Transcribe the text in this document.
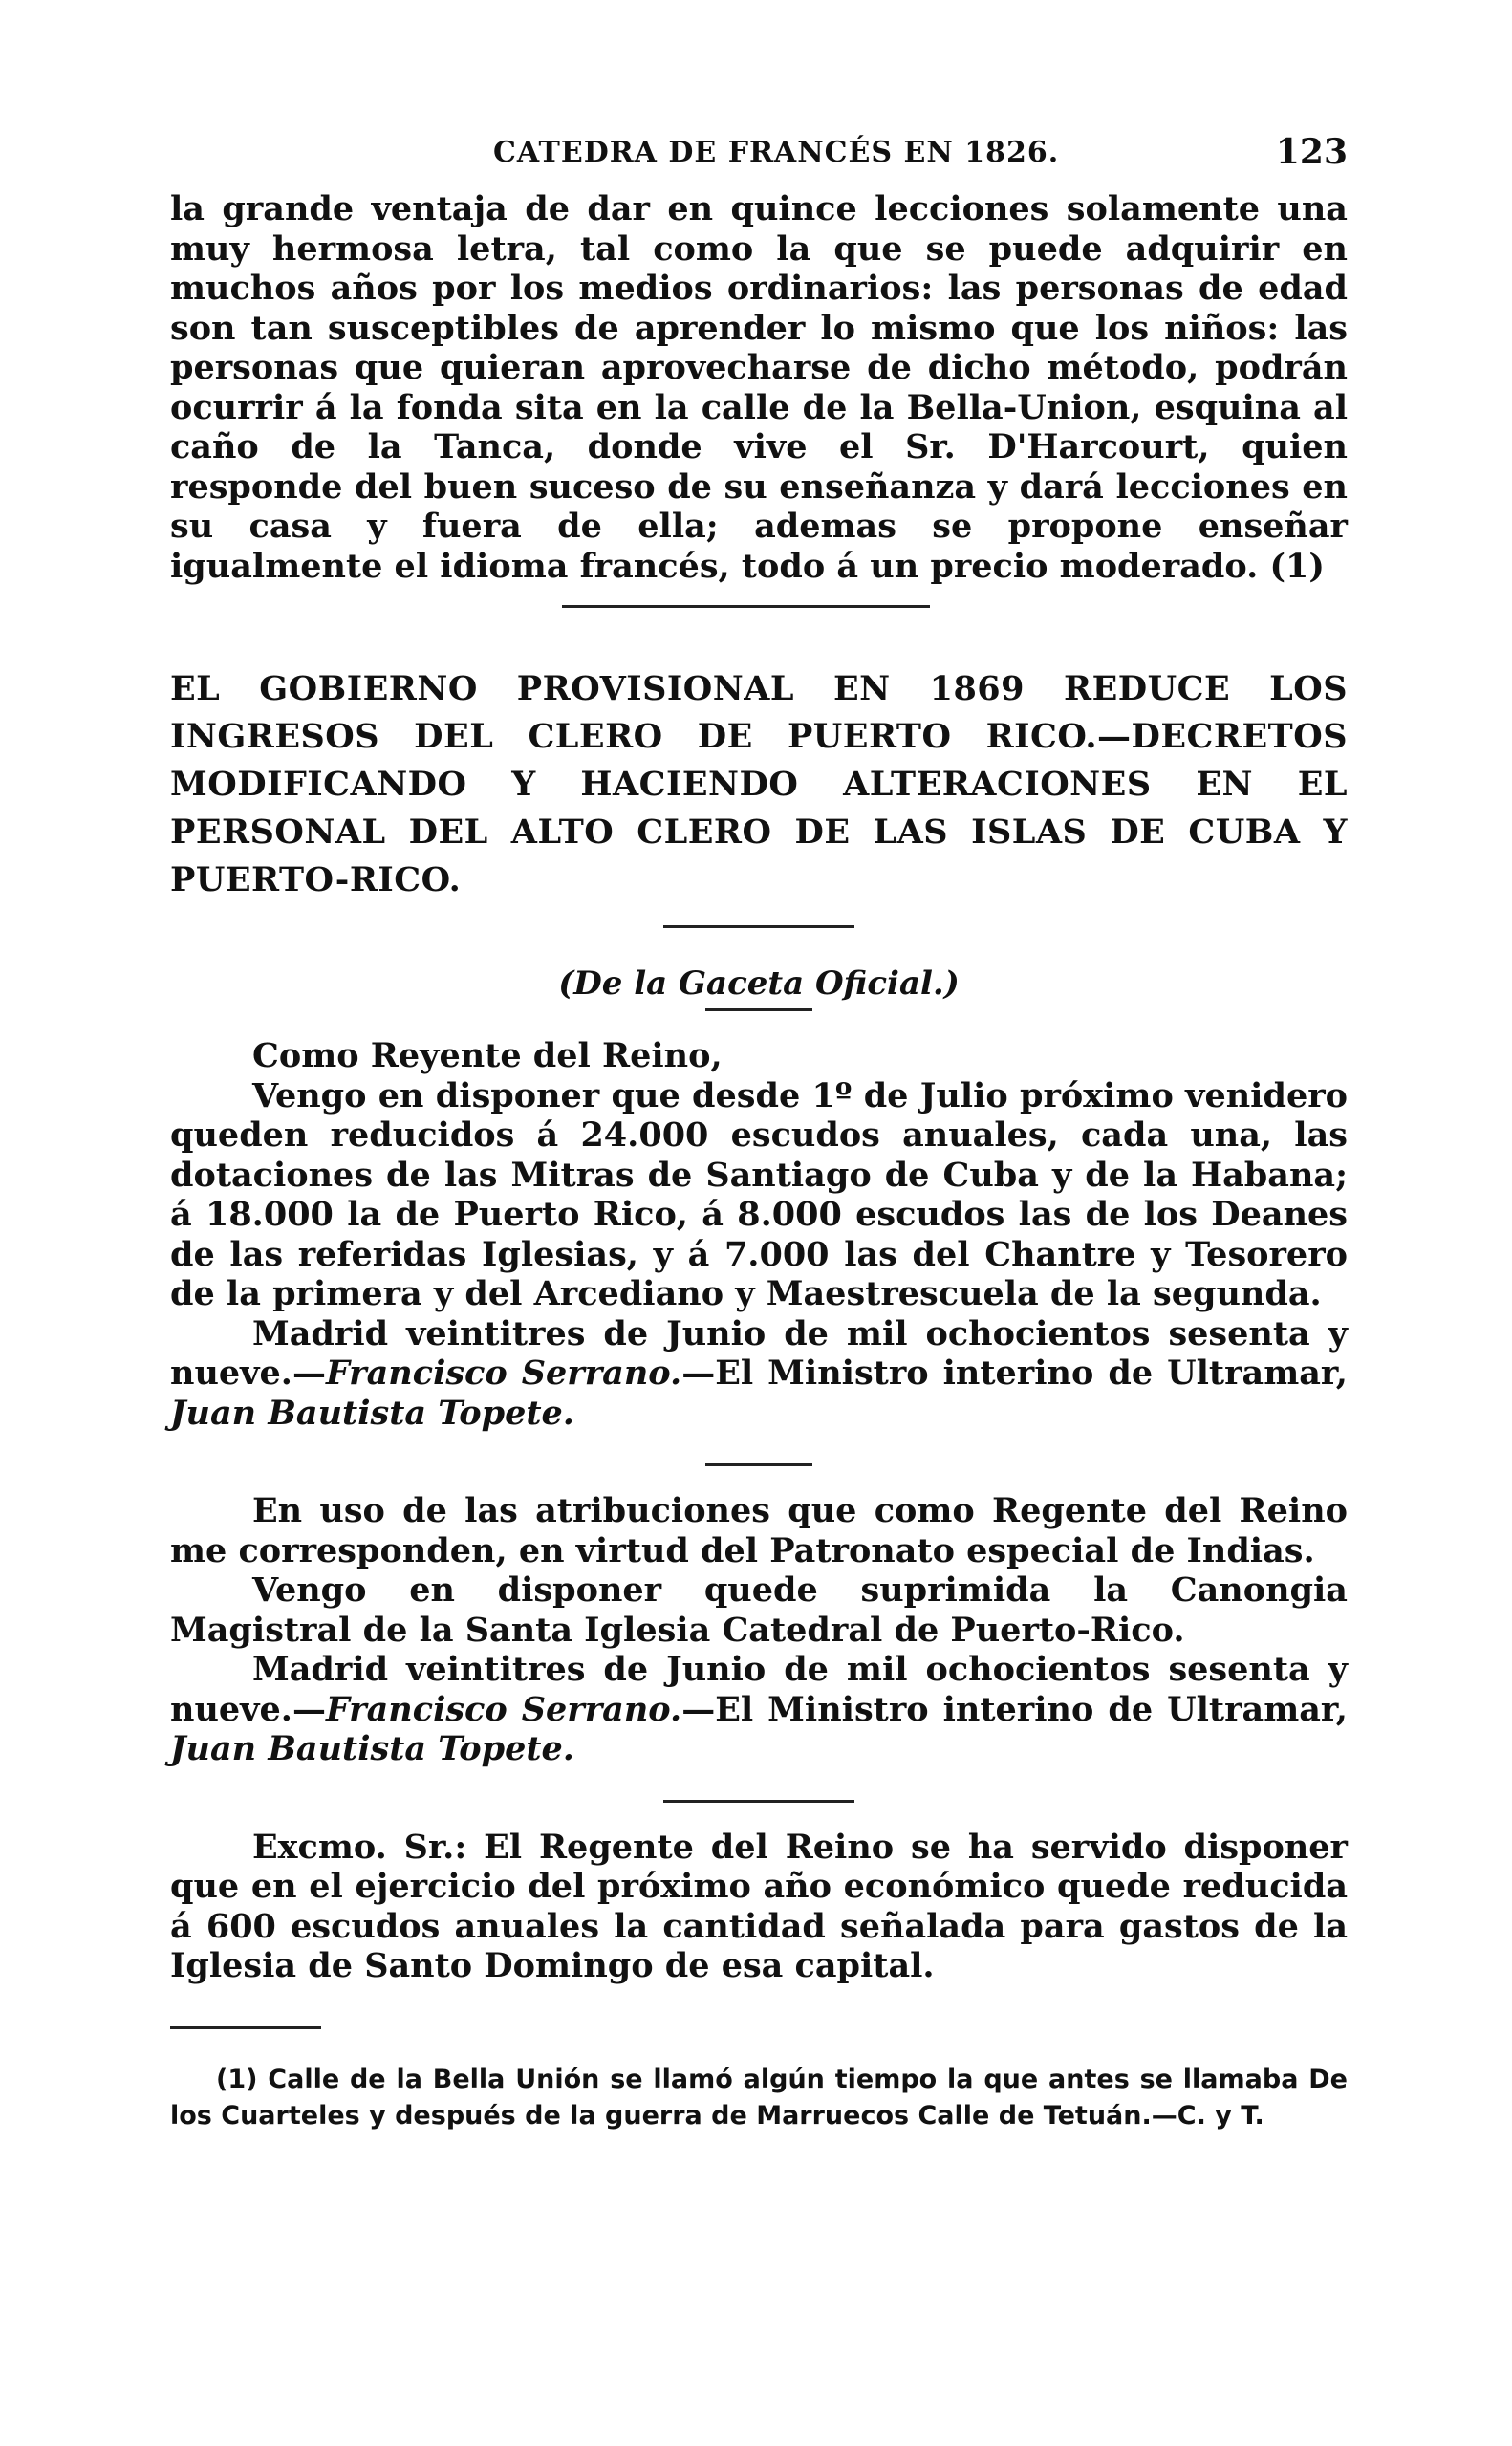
CATEDRA DE FRANCÉS EN 1826.	123

la grande ventaja de dar en quince lecciones solamente una muy hermosa letra, tal como la que se puede adquirir en muchos años por los medios ordinarios: las personas de edad son tan susceptibles de aprender lo mismo que los niños: las personas que quieran aprovecharse de dicho método, podrán ocurrir á la fonda sita en la calle de la Bella-Union, esquina al caño de la Tanca, donde vive el Sr. D'Harcourt, quien responde del buen suceso de su enseñanza y dará lecciones en su casa y fuera de ella; ademas se propone enseñar igualmente el idioma francés, todo á un precio moderado. (1)

EL GOBIERNO PROVISIONAL EN 1869 REDUCE LOS INGRESOS DEL CLERO DE PUERTO RICO.—DECRETOS MODIFICANDO Y HACIENDO ALTERACIONES EN EL PERSONAL DEL ALTO CLERO DE LAS ISLAS DE CUBA Y PUERTO-RICO.
(De la Gaceta Oficial.)

Como Reyente del Reino,

Vengo en disponer que desde 1º de Julio próximo venidero queden reducidos á 24.000 escudos anuales, cada una, las dotaciones de las Mitras de Santiago de Cuba y de la Habana; á 18.000 la de Puerto Rico, á 8.000 escudos las de los Deanes de las referidas Iglesias, y á 7.000 las del Chantre y Tesorero de la primera y del Arcediano y Maestrescuela de la segunda.

Madrid veintitres de Junio de mil ochocientos sesenta y nueve.—Francisco Serrano.—El Ministro interino de Ultramar, Juan Bautista Topete.

En uso de las atribuciones que como Regente del Reino me corresponden, en virtud del Patronato especial de Indias.

Vengo en disponer quede suprimida la Canongia Magistral de la Santa Iglesia Catedral de Puerto-Rico.

Madrid veintitres de Junio de mil ochocientos sesenta y nueve.—Francisco Serrano.—El Ministro interino de Ultramar, Juan Bautista Topete.

Excmo. Sr.: El Regente del Reino se ha servido disponer que en el ejercicio del próximo año económico quede reducida á 600 escudos anuales la cantidad señalada para gastos de la Iglesia de Santo Domingo de esa capital.

(1) Calle de la Bella Unión se llamó algún tiempo la que antes se llamaba De los Cuarteles y después de la guerra de Marruecos Calle de Tetuán.—C. y T.
